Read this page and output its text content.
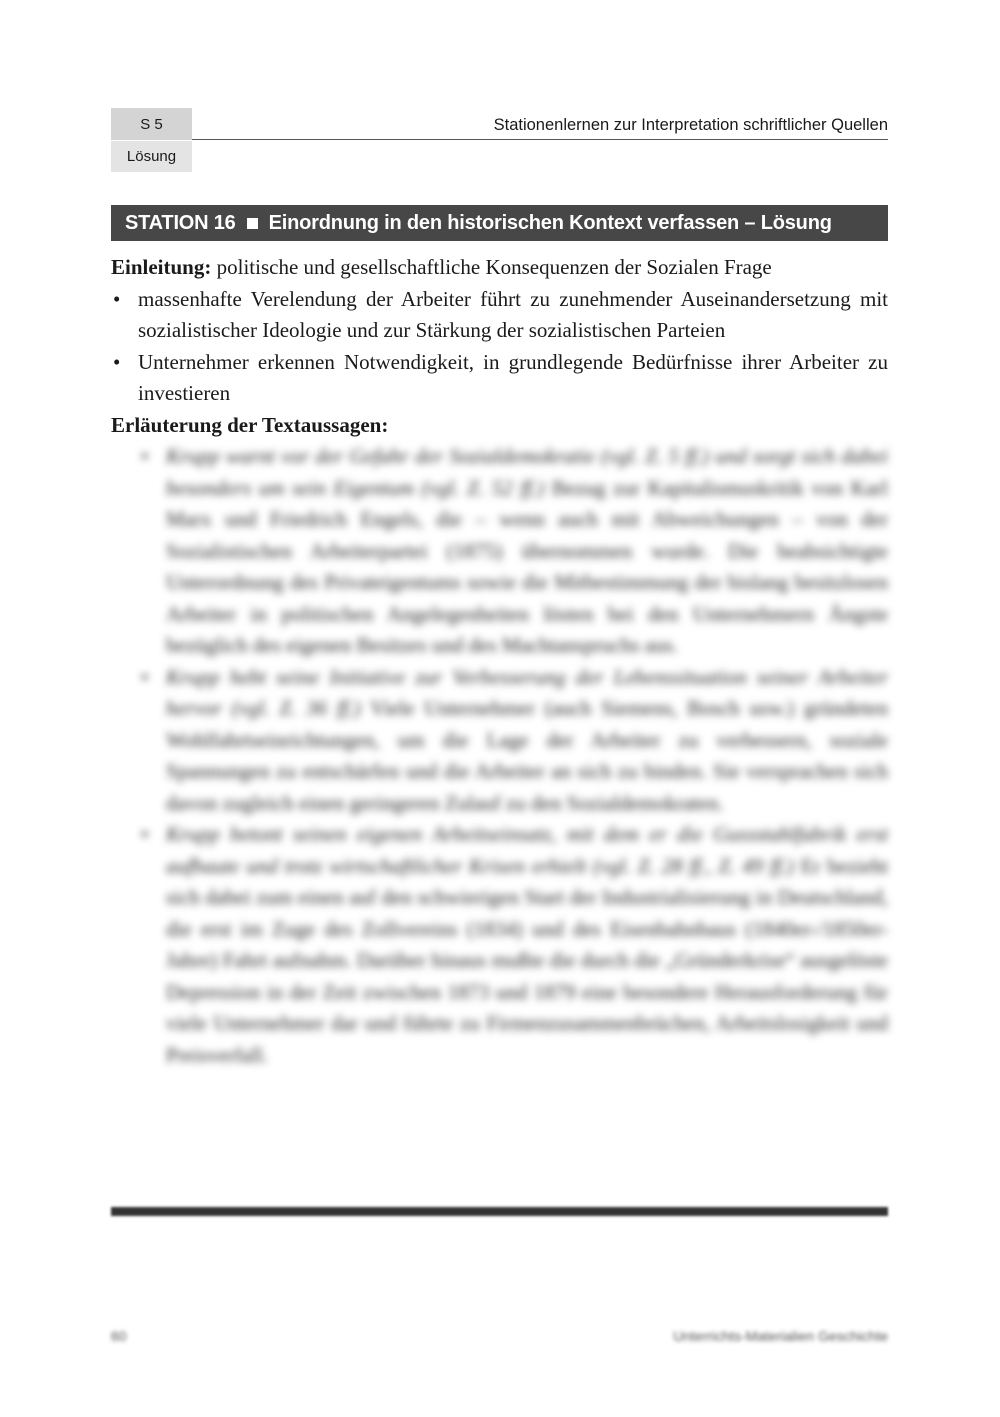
S 5
Lösung
Stationenlernen zur Interpretation schriftlicher Quellen
STATION 16 Einordnung in den historischen Kontext verfassen – Lösung

Einleitung: politische und gesellschaftliche Konsequenzen der Sozialen Frage

• massenhafte Verelendung der Arbeiter führt zu zunehmender Auseinandersetzung mit sozialistischer Ideologie und zur Stärkung der sozialistischen Parteien
• Unternehmer erkennen Notwendigkeit, in grundlegende Bedürfnisse ihrer Arbeiter zu investieren

Erläuterung der Textaussagen:

• Krupp warnt vor der Gefahr der Sozialdemokratie (vgl. Z. 5 ff.) und sorgt sich dabei besonders um sein Eigentum (vgl. Z. 52 ff.) Bezug zur Kapitalismuskritik von Karl Marx und Friedrich Engels, die – wenn auch mit Abweichungen – von der Sozialistischen Arbeiterpartei (1875) übernommen wurde. Die beabsichtigte Unterordnung des Privateigentums sowie die Mitbestimmung der bislang besitzlosen Arbeiter in politischen Angelegenheiten lösten bei den Unternehmern Ängste bezüglich des eigenen Besitzes und des Machtanspruchs aus.
• Krupp hebt seine Initiative zur Verbesserung der Lebenssituation seiner Arbeiter hervor (vgl. Z. 36 ff.) Viele Unternehmer (auch Siemens, Bosch usw.) gründeten Wohlfahrtseinrichtungen, um die Lage der Arbeiter zu verbessern, soziale Spannungen zu entschärfen und die Arbeiter an sich zu binden. Sie versprachen sich davon zugleich einen geringeren Zulauf zu den Sozialdemokraten.
• Krupp betont seinen eigenen Arbeitseinsatz, mit dem er die Gussstahlfabrik erst aufbaute und trotz wirtschaftlicher Krisen erhielt (vgl. Z. 28 ff., Z. 49 ff.) Er bezieht sich dabei zum einen auf den schwierigen Start der Industrialisierung in Deutschland, die erst im Zuge des Zollvereins (1834) und des Eisenbahnbaus (1840er-/1850er-Jahre) Fahrt aufnahm. Darüber hinaus mußte die durch die „Gründerkrise“ ausgelöste Depression in der Zeit zwischen 1873 und 1879 eine besondere Herausforderung für viele Unternehmer dar und führte zu Firmenzusammenbrüchen, Arbeitslosigkeit und Preisverfall.
60	Unterrichts-Materialien Geschichte
